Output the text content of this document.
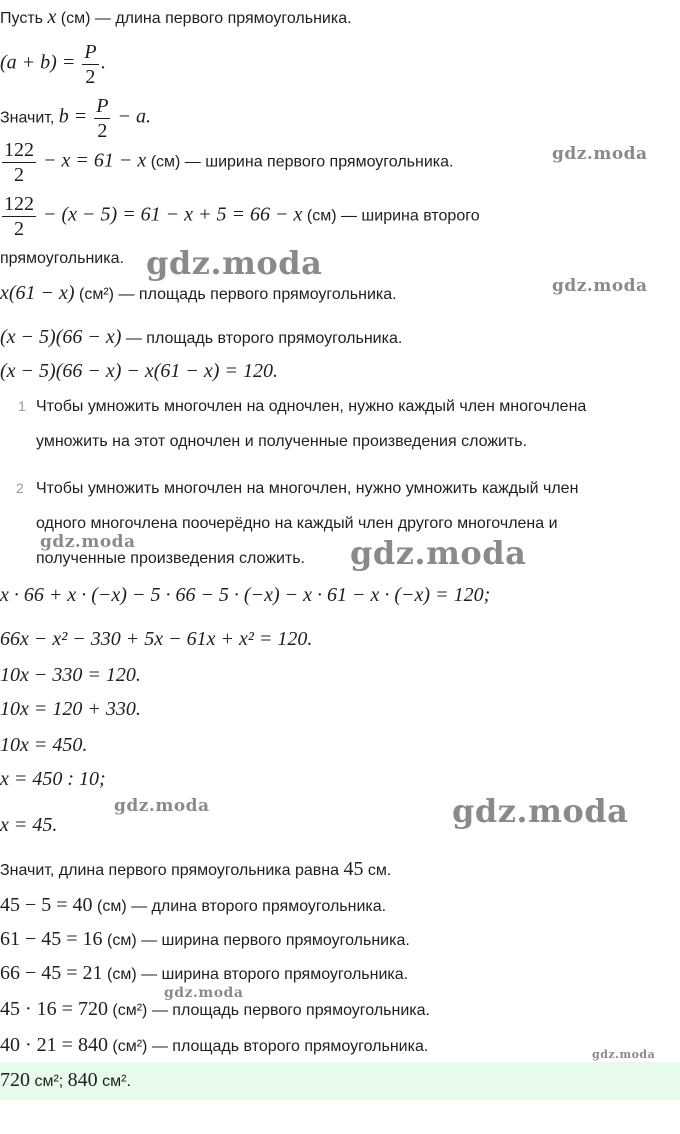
Пусть x (см) — длина первого прямоугольника.
$(a + b) = \frac{P}{2}$ .
Значит, $b = \frac{P}{2} - a$.
$\frac{122}{2} - x = 61 - x$ (см) — ширина первого прямоугольника.
$\frac{122}{2} - (x - 5) = 61 - x + 5 = 66 - x$ (см) — ширина второго
прямоугольника.
x(61 − x) (см²) — площадь первого прямоугольника.
(x − 5)(66 − x) — площадь второго прямоугольника.
(x − 5)(66 − x) − x(61 − x) = 120.
1 Чтобы умножить многочлен на одночлен, нужно каждый член многочлена
умножить на этот одночлен и полученные произведения сложить.
2 Чтобы умножить многочлен на многочлен, нужно умножить каждый член
одного многочлена поочерёдно на каждый член другого многочлена и
полученные произведения сложить.
x · 66 + x · (−x) − 5 · 66 − 5 · (−x) − x · 61 − x · (−x) = 120;
66x − x² − 330 + 5x − 61x + x² = 120.
10x − 330 = 120.
10x = 120 + 330.
10x = 450.
x = 450 : 10;
x = 45.
Значит, длина первого прямоугольника равна 45 см.
45 − 5 = 40 (см) — длина второго прямоугольника.
61 − 45 = 16 (см) — ширина первого прямоугольника.
66 − 45 = 21 (см) — ширина второго прямоугольника.
45 · 16 = 720 (см²) — площадь первого прямоугольника.
40 · 21 = 840 (см²) — площадь второго прямоугольника.
720 см²; 840 см².
gdz.moda
gdz.moda
gdz.moda
gdz.moda	gdz.moda
gdz.moda	gdz.moda
gdz.moda
gdz.moda
